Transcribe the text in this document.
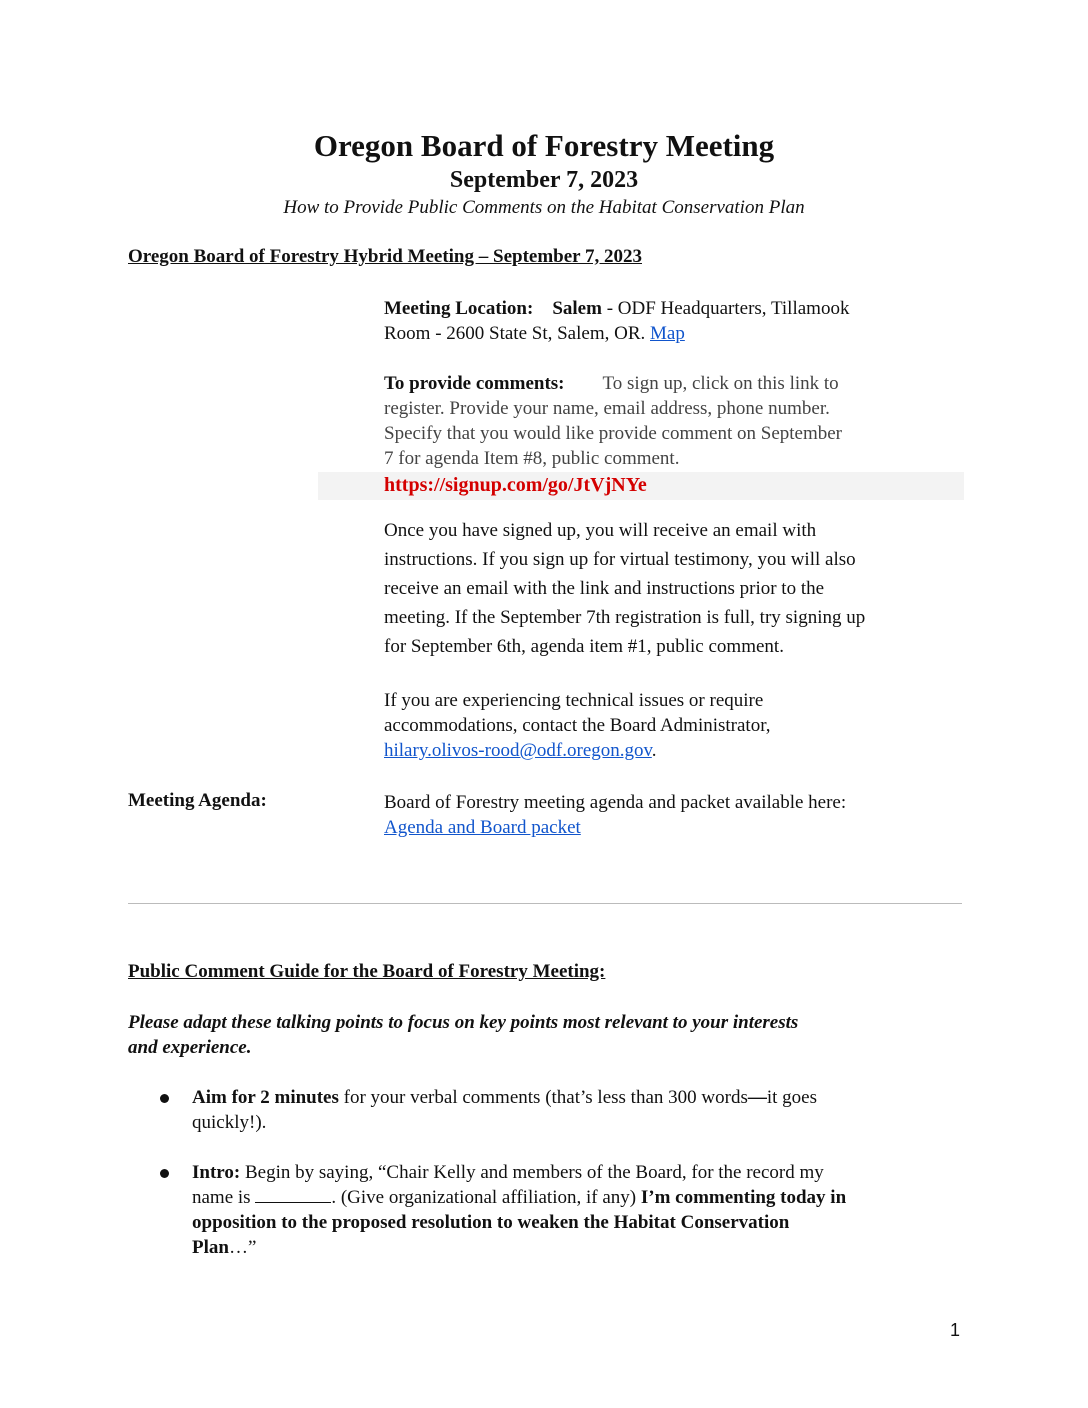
Oregon Board of Forestry Meeting
September 7, 2023
How to Provide Public Comments on the Habitat Conservation Plan
Oregon Board of Forestry Hybrid Meeting – September 7, 2023
Meeting Location: Salem - ODF Headquarters, Tillamook
Room - 2600 State St, Salem, OR. Map
To provide comments: To sign up, click on this link to
register. Provide your name, email address, phone number.
Specify that you would like provide comment on September
7 for agenda Item #8, public comment.
https://signup.com/go/JtVjNYe
Once you have signed up, you will receive an email with
instructions. If you sign up for virtual testimony, you will also
receive an email with the link and instructions prior to the
meeting. If the September 7th registration is full, try signing up
for September 6th, agenda item #1, public comment.
If you are experiencing technical issues or require
accommodations, contact the Board Administrator,
hilary.olivos-rood@odf.oregon.gov.
Meeting Agenda:	Board of Forestry meeting agenda and packet available here:
Agenda and Board packet
Public Comment Guide for the Board of Forestry Meeting:
Please adapt these talking points to focus on key points most relevant to your interests
and experience.
Aim for 2 minutes for your verbal comments (that’s less than 300 words—it goes
quickly!).
Intro: Begin by saying, “Chair Kelly and members of the Board, for the record my
name is	. (Give organizational affiliation, if any) I’m commenting today in
opposition to the proposed resolution to weaken the Habitat Conservation
Plan…”
1
